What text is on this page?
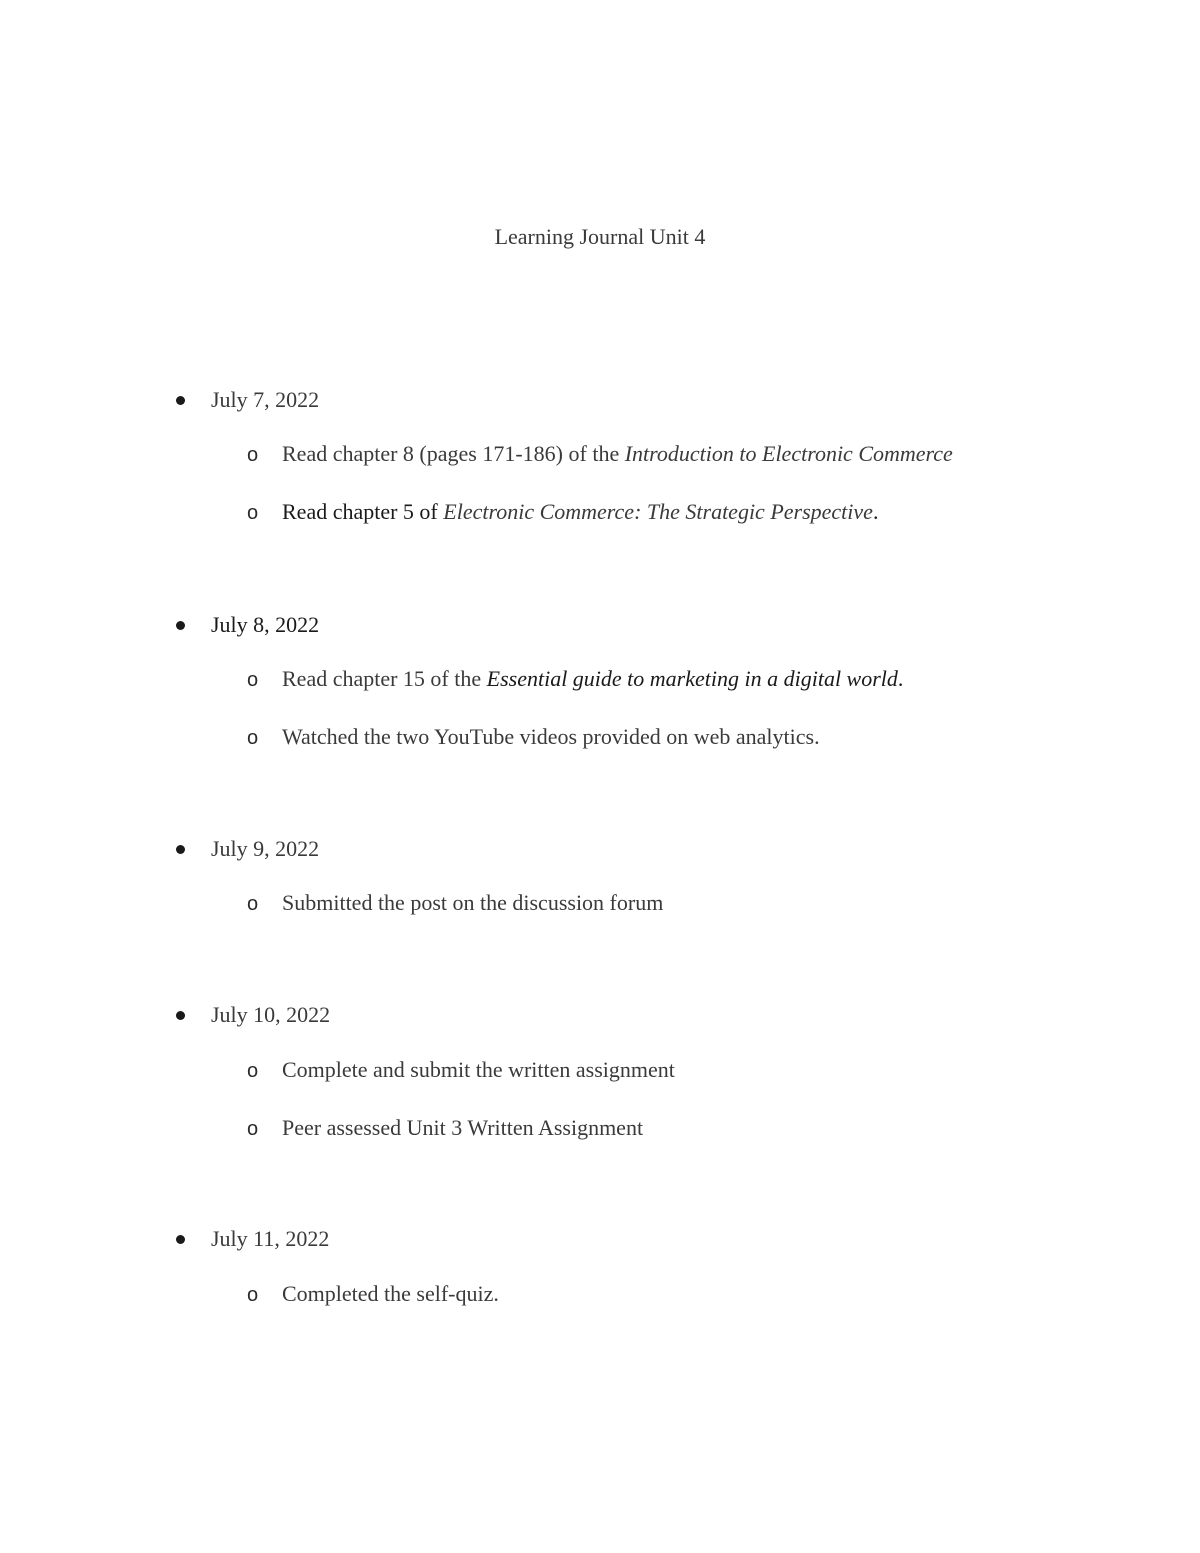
Learning Journal Unit 4
July 7, 2022
o Read chapter 8 (pages 171-186) of the Introduction to Electronic Commerce
o Read chapter 5 of Electronic Commerce: The Strategic Perspective.
July 8, 2022
o Read chapter 15 of the Essential guide to marketing in a digital world.
o Watched the two YouTube videos provided on web analytics.
July 9, 2022
o Submitted the post on the discussion forum
July 10, 2022
o Complete and submit the written assignment
o Peer assessed Unit 3 Written Assignment
July 11, 2022
o Completed the self-quiz.
